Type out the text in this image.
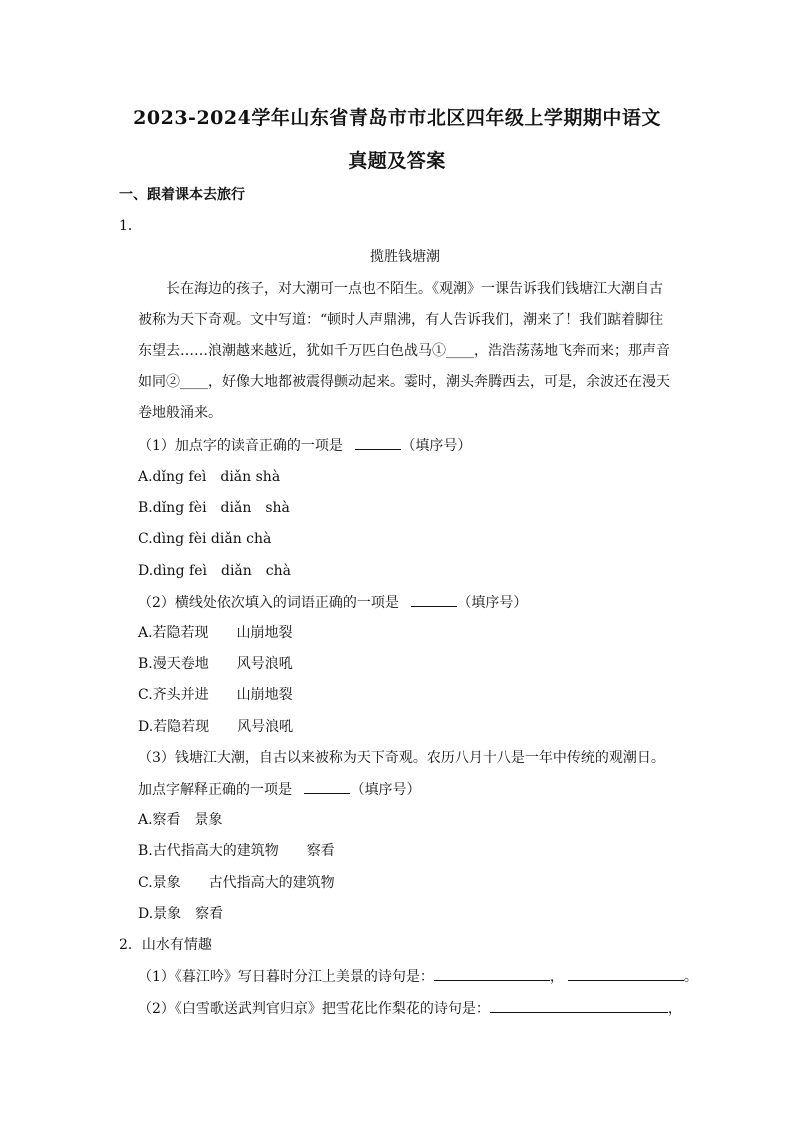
2023-2024学年山东省青岛市市北区四年级上学期期中语文
真题及答案
一、跟着课本去旅行
1．
揽胜钱塘潮
长在海边的孩子，对大潮可一点也不陌生。《观潮》一课告诉我们钱塘江大潮自古
被称为天下奇观。文中写道：“顿时人声鼎沸，有人告诉我们，潮来了！我们踮着脚往
东望去……浪潮越来越近，犹如千万匹白色战马①____，浩浩荡荡地飞奔而来；那声音
如同②____，好像大地都被震得颤动起来。霎时，潮头奔腾西去，可是，余波还在漫天
卷地般涌来。
（1）加点字的读音正确的一项是	（填序号）
A.dǐng feì　diǎn shà
B.dǐng fèi　diǎn　shà
C.dìng fèi diǎn chà
D.dìng feì　diǎn　chà
（2）横线处依次填入的词语正确的一项是	（填序号）
A.若隐若现　　山崩地裂
B.漫天卷地　　风号浪吼
C.齐头并进　　山崩地裂
D.若隐若现　　风号浪吼
（3）钱塘江大潮，自古以来被称为天下奇观。农历八月十八是一年中传统的观潮日。
加点字解释正确的一项是	（填序号）
A.察看　景象
B.古代指高大的建筑物　　察看
C.景象　　古代指高大的建筑物
D.景象　察看
2．山水有情趣
（1）《暮江吟》写日暮时分江上美景的诗句是：	，	。
（2）《白雪歌送武判官归京》把雪花比作梨花的诗句是：	，
